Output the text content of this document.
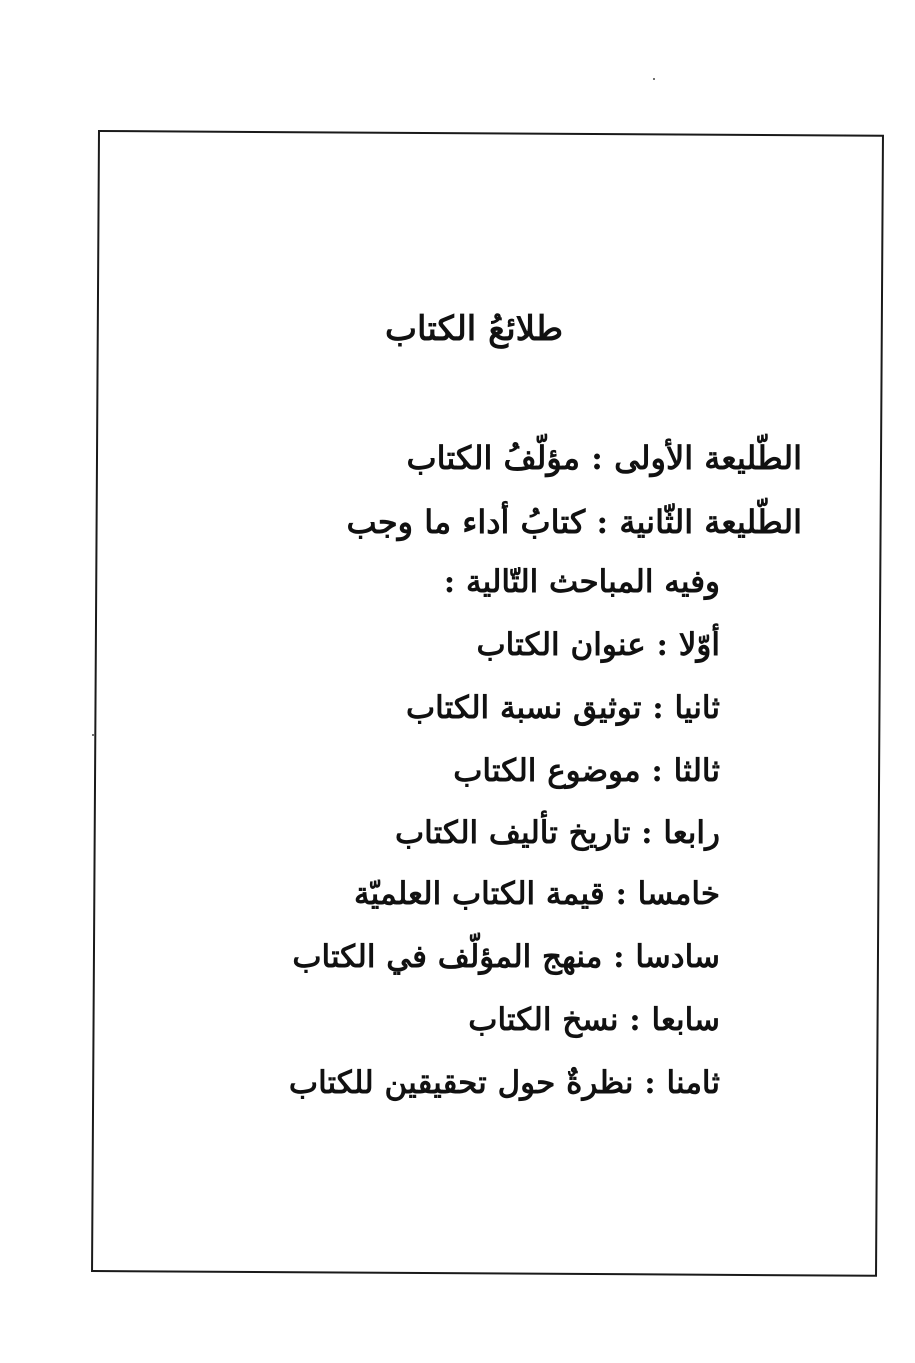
طلائعُ الكتاب
الطّليعة الأولى : مؤلّفُ الكتاب
الطّليعة الثّانية : كتابُ أداء ما وجب
وفيه المباحث التّالية :
أوّلا : عنوان الكتاب
ثانيا : توثيق نسبة الكتاب
ثالثا : موضوع الكتاب
رابعا : تاريخ تأليف الكتاب
خامسا : قيمة الكتاب العلميّة
سادسا : منهج المؤلّف في الكتاب
سابعا : نسخ الكتاب
ثامنا : نظرةٌ حول تحقيقين للكتاب
